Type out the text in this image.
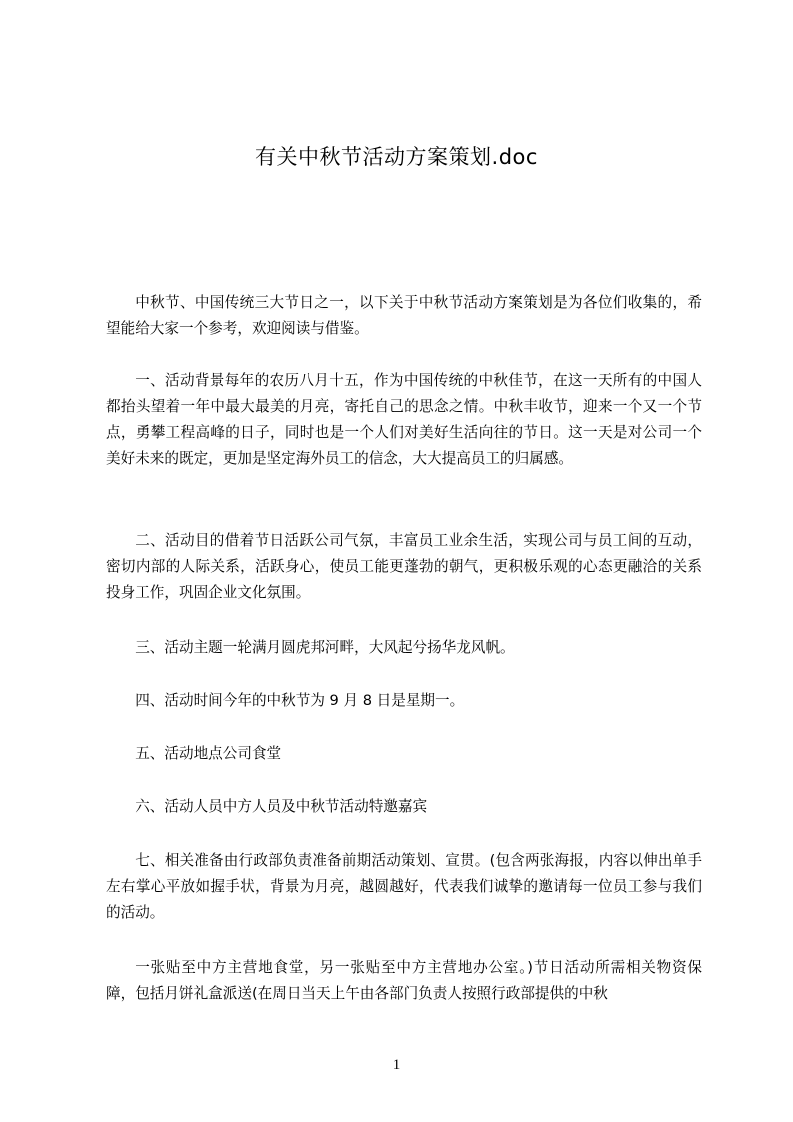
有关中秋节活动方案策划.doc

中秋节、中国传统三大节日之一，以下关于中秋节活动方案策划是为各位们收集的，希望能给大家一个参考，欢迎阅读与借鉴。

一、活动背景每年的农历八月十五，作为中国传统的中秋佳节，在这一天所有的中国人都抬头望着一年中最大最美的月亮，寄托自己的思念之情。中秋丰收节，迎来一个又一个节点，勇攀工程高峰的日子，同时也是一个人们对美好生活向往的节日。这一天是对公司一个美好未来的既定，更加是坚定海外员工的信念，大大提高员工的归属感。

二、活动目的借着节日活跃公司气氛，丰富员工业余生活，实现公司与员工间的互动，密切内部的人际关系，活跃身心，使员工能更蓬勃的朝气，更积极乐观的心态更融洽的关系投身工作，巩固企业文化氛围。

三、活动主题一轮满月圆虎邦河畔，大风起兮扬华龙风帆。

四、活动时间今年的中秋节为 9 月 8 日是星期一。

五、活动地点公司食堂

六、活动人员中方人员及中秋节活动特邀嘉宾

七、相关准备由行政部负责准备前期活动策划、宣贯。(包含两张海报，内容以伸出单手左右掌心平放如握手状，背景为月亮，越圆越好，代表我们诚挚的邀请每一位员工参与我们的活动。

一张贴至中方主营地食堂，另一张贴至中方主营地办公室。)节日活动所需相关物资保障，包括月饼礼盒派送(在周日当天上午由各部门负责人按照行政部提供的中秋

1
